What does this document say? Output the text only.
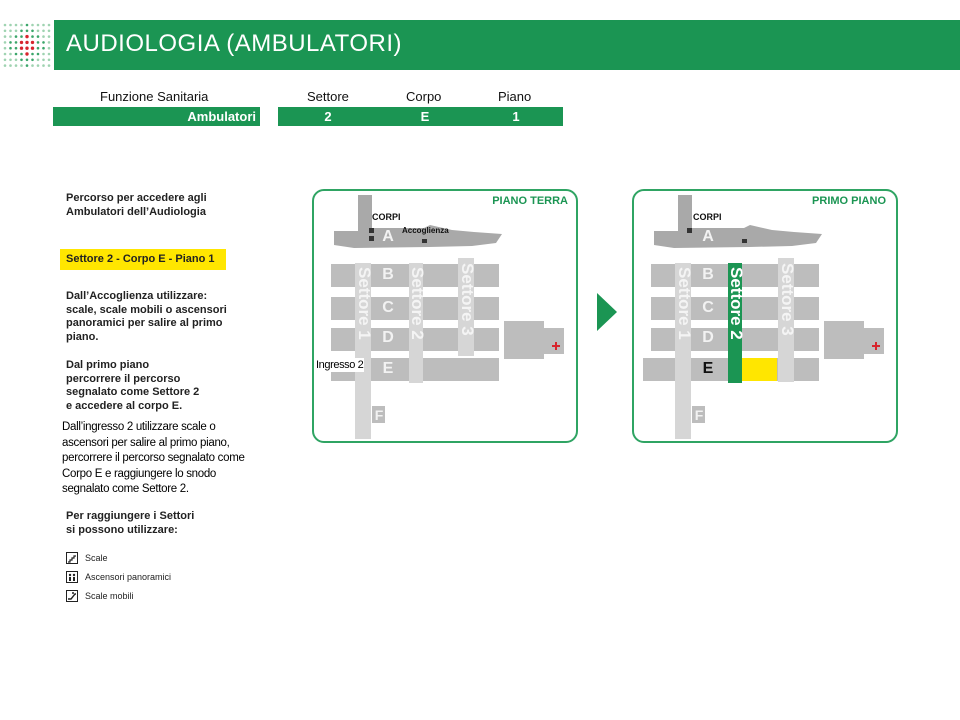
AUDIOLOGIA (AMBULATORI)
Funzione Sanitaria	Settore	Corpo	Piano
Ambulatori	2	E	1
Percorso per accedere agli
Ambulatori dell’Audiologia
Settore 2 - Corpo E - Piano 1
Dall’Accoglienza utilizzare:
scale, scale mobili o ascensori
panoramici per salire al primo
piano.
Dal primo piano
percorrere il percorso
segnalato come Settore 2
e accedere al corpo E.
Dall’ingresso 2 utilizzare scale o
ascensori per salire al primo piano,
percorrere il percorso segnalato come
Corpo E e raggiungere lo snodo
segnalato come Settore 2.
Per raggiungere i Settori
si possono utilizzare:
Scale
Ascensori panoramici
Scale mobili
PIANO TERRA
CORPI
Accoglienza
A
Settore 1 Settore 2 Settore 3
B
C
D
E
F
Ingresso 2
PRIMO PIANO
CORPI
A
Settore 1 Settore 2 Settore 3
B
C
D
E
F
